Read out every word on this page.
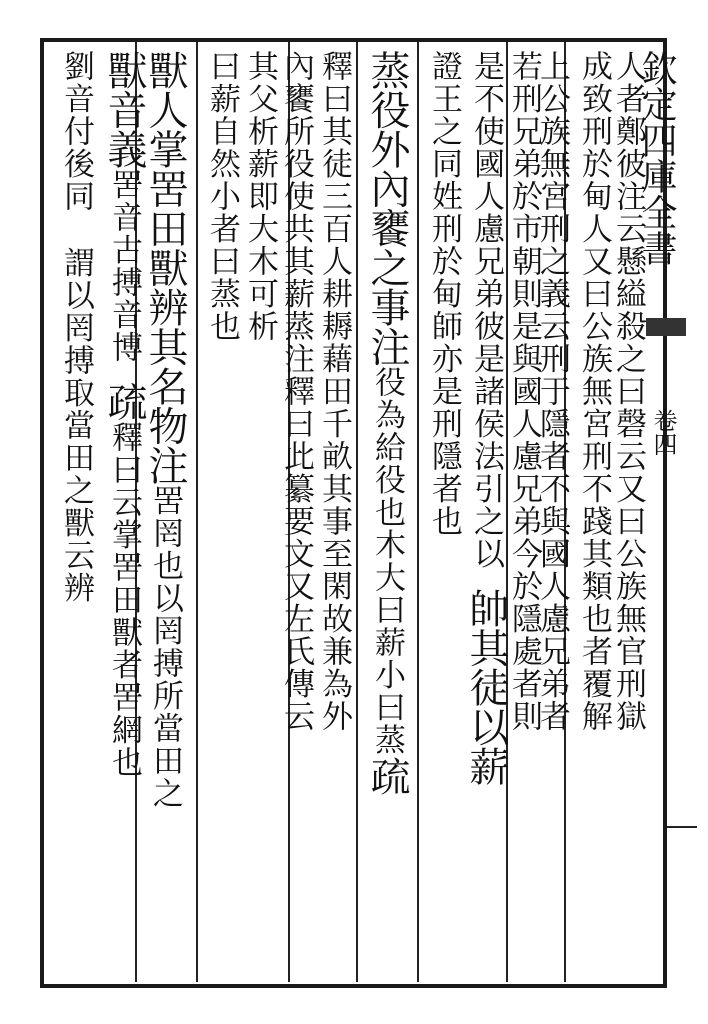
欽定四庫全書
卷四
人者鄭彼注云懸縊殺之曰磬云又曰公族無官刑獄
成致刑於甸人又曰公族無宮刑不踐其類也者覆解
上公族無宮刑之義云刑于隱者不與國人慮兄弟者
若刑兄弟於市朝則是與國人慮兄弟今於隱處者則
是不使國人慮兄弟彼是諸侯法引之以帥其徒以薪
證王之同姓刑於甸師亦是刑隱者也
蒸役外內饔之事注役為給役也木大曰薪小曰蒸疏
釋曰其徒三百人耕耨藉田千畝其事至閑故兼為外
內饔所役使共其薪蒸注釋曰此纂要文又左氏傳云
其父析薪即大木可析
曰薪自然小者曰蒸也
獸人掌罟田獸辨其名物注罟罔也以罔搏所當田之
獸音義罟音古搏音博疏釋曰云掌罟田獸者罟網也
劉音付後同謂以罔搏取當田之獸云辨
